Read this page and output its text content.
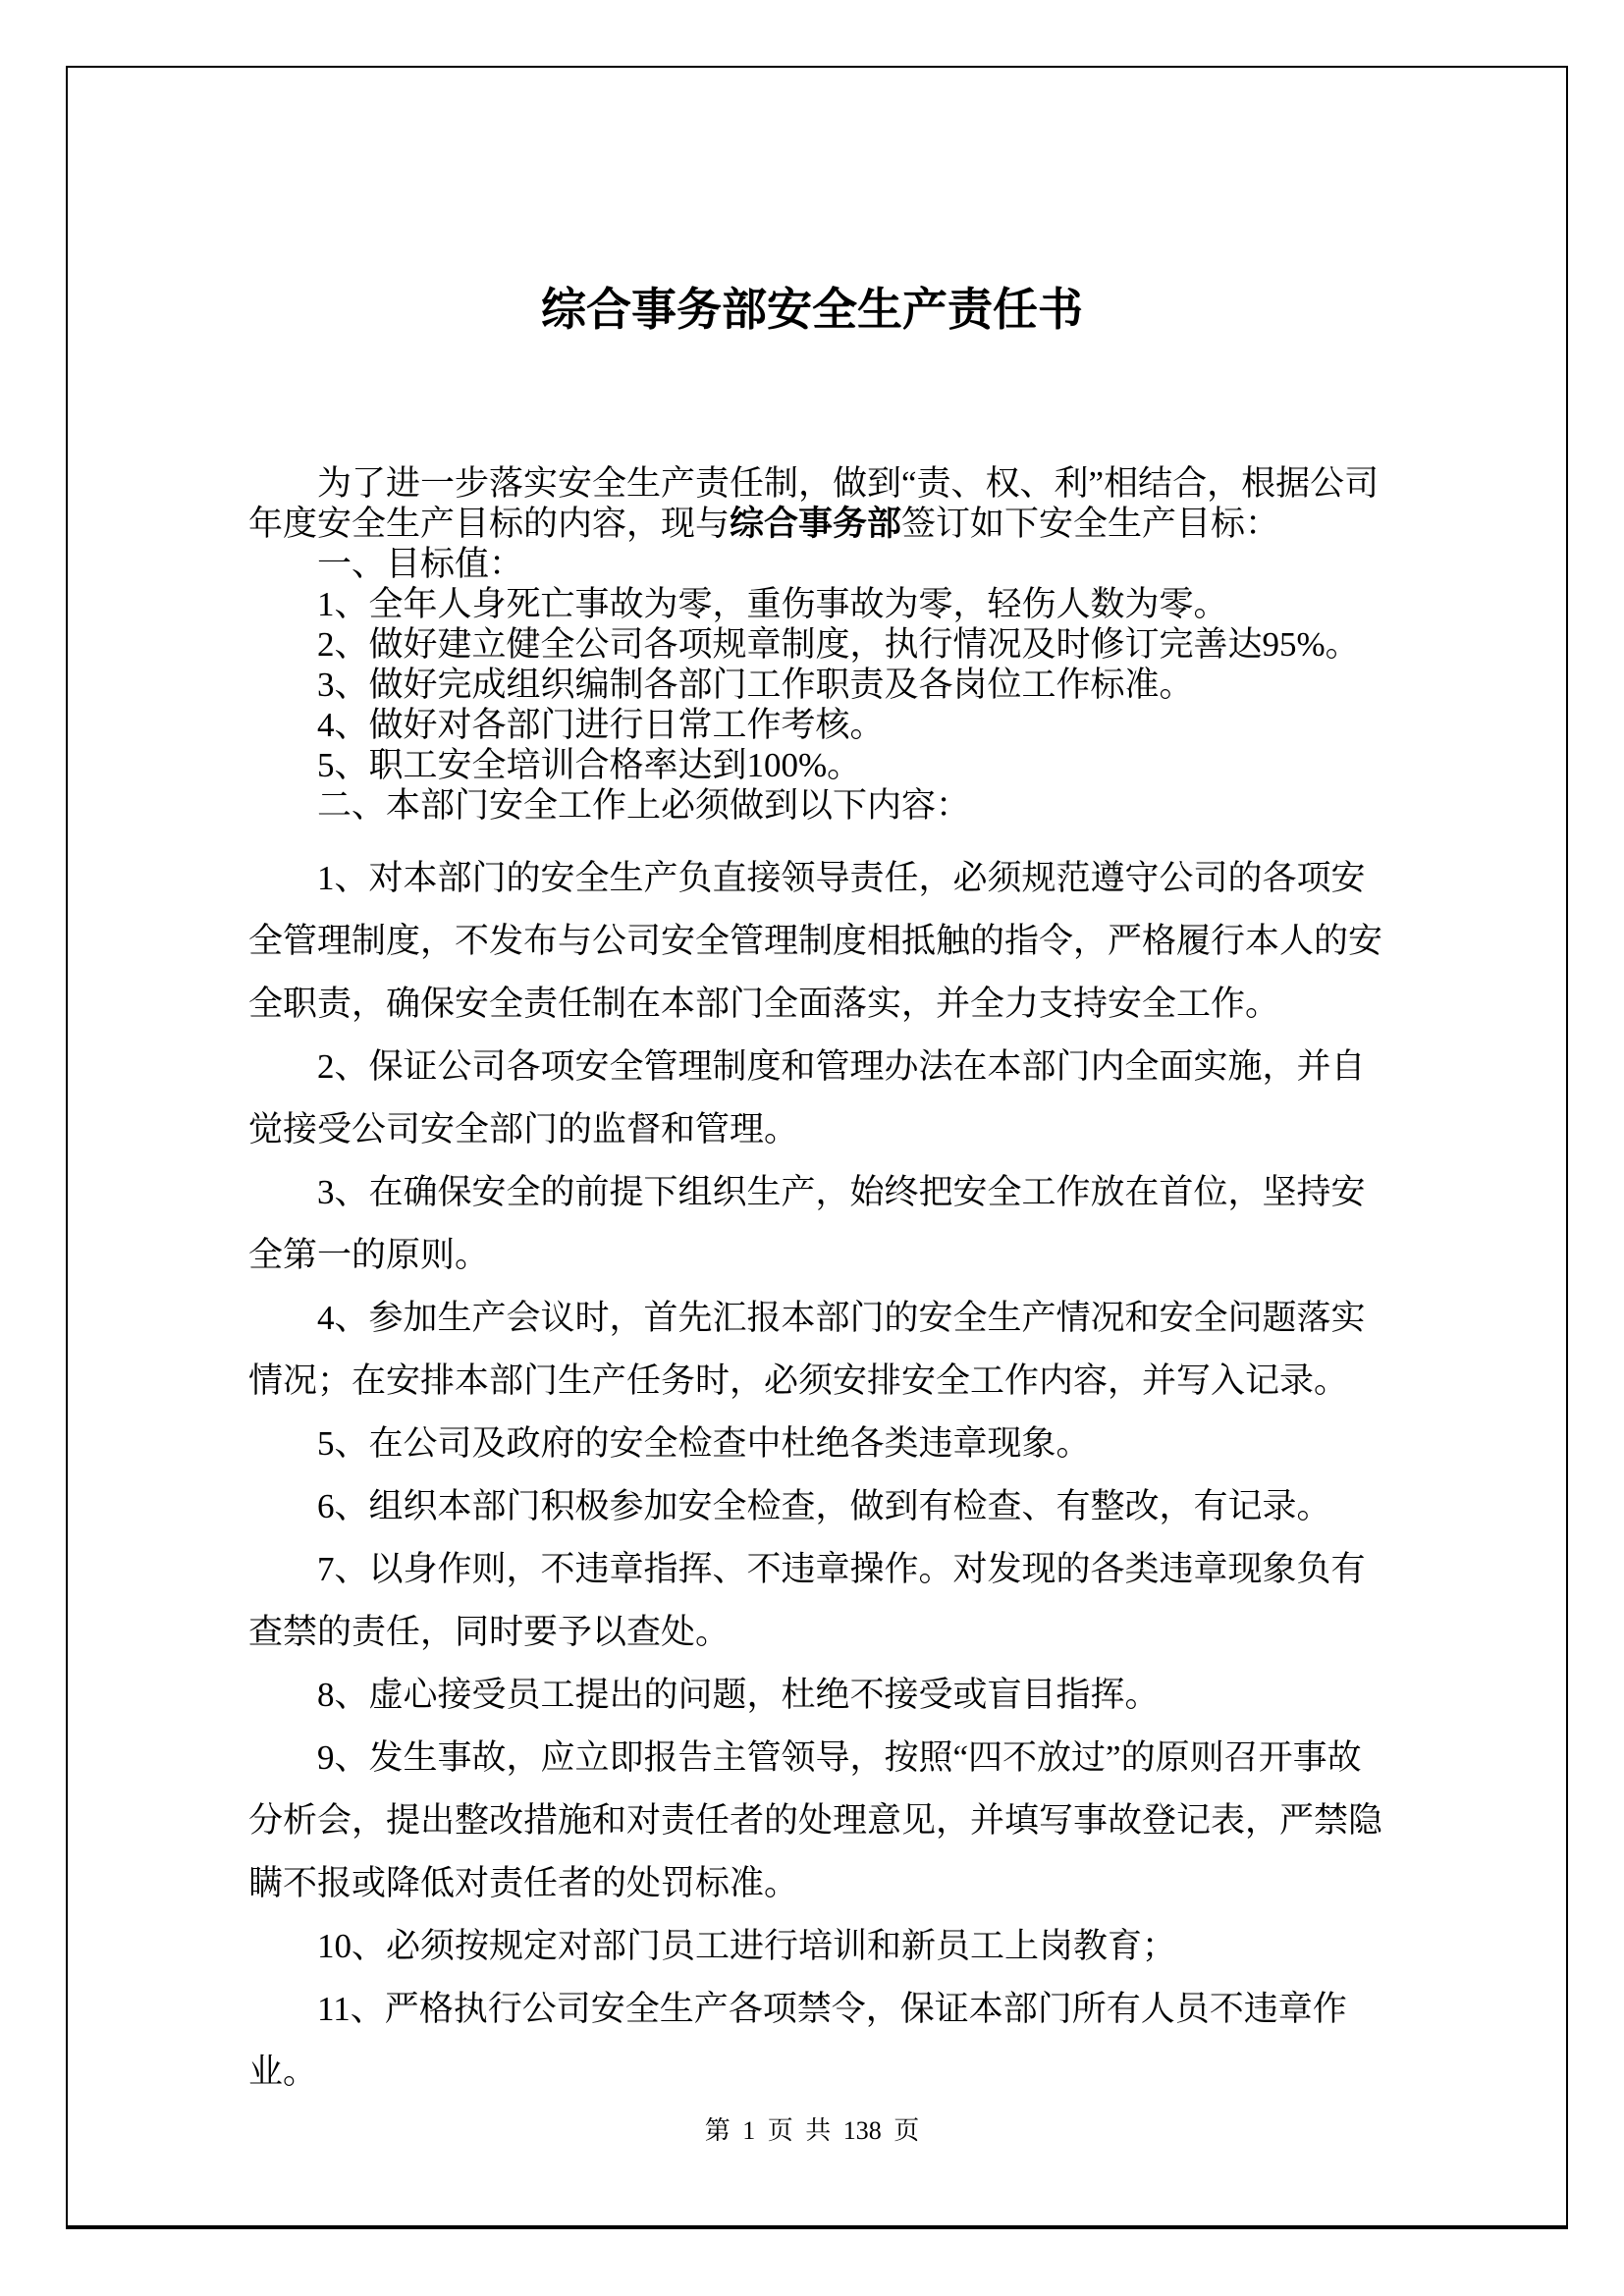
综合事务部安全生产责任书

为了进一步落实安全生产责任制，做到“责、权、利”相结合，根据公司年度安全生产目标的内容，现与综合事务部签订如下安全生产目标：

一、目标值：

1、全年人身死亡事故为零，重伤事故为零，轻伤人数为零。

2、做好建立健全公司各项规章制度，执行情况及时修订完善达95%。

3、做好完成组织编制各部门工作职责及各岗位工作标准。

4、做好对各部门进行日常工作考核。

5、职工安全培训合格率达到100%。

二、本部门安全工作上必须做到以下内容：

1、对本部门的安全生产负直接领导责任，必须规范遵守公司的各项安全管理制度，不发布与公司安全管理制度相抵触的指令，严格履行本人的安全职责，确保安全责任制在本部门全面落实，并全力支持安全工作。

2、保证公司各项安全管理制度和管理办法在本部门内全面实施，并自觉接受公司安全部门的监督和管理。

3、在确保安全的前提下组织生产，始终把安全工作放在首位，坚持安全第一的原则。

4、参加生产会议时，首先汇报本部门的安全生产情况和安全问题落实情况；在安排本部门生产任务时，必须安排安全工作内容，并写入记录。

5、在公司及政府的安全检查中杜绝各类违章现象。

6、组织本部门积极参加安全检查，做到有检查、有整改，有记录。

7、以身作则，不违章指挥、不违章操作。对发现的各类违章现象负有查禁的责任，同时要予以查处。

8、虚心接受员工提出的问题，杜绝不接受或盲目指挥。

9、发生事故，应立即报告主管领导，按照“四不放过”的原则召开事故分析会，提出整改措施和对责任者的处理意见，并填写事故登记表，严禁隐瞒不报或降低对责任者的处罚标准。

10、必须按规定对部门员工进行培训和新员工上岗教育；

11、严格执行公司安全生产各项禁令，保证本部门所有人员不违章作业。

第 1 页 共 138 页
